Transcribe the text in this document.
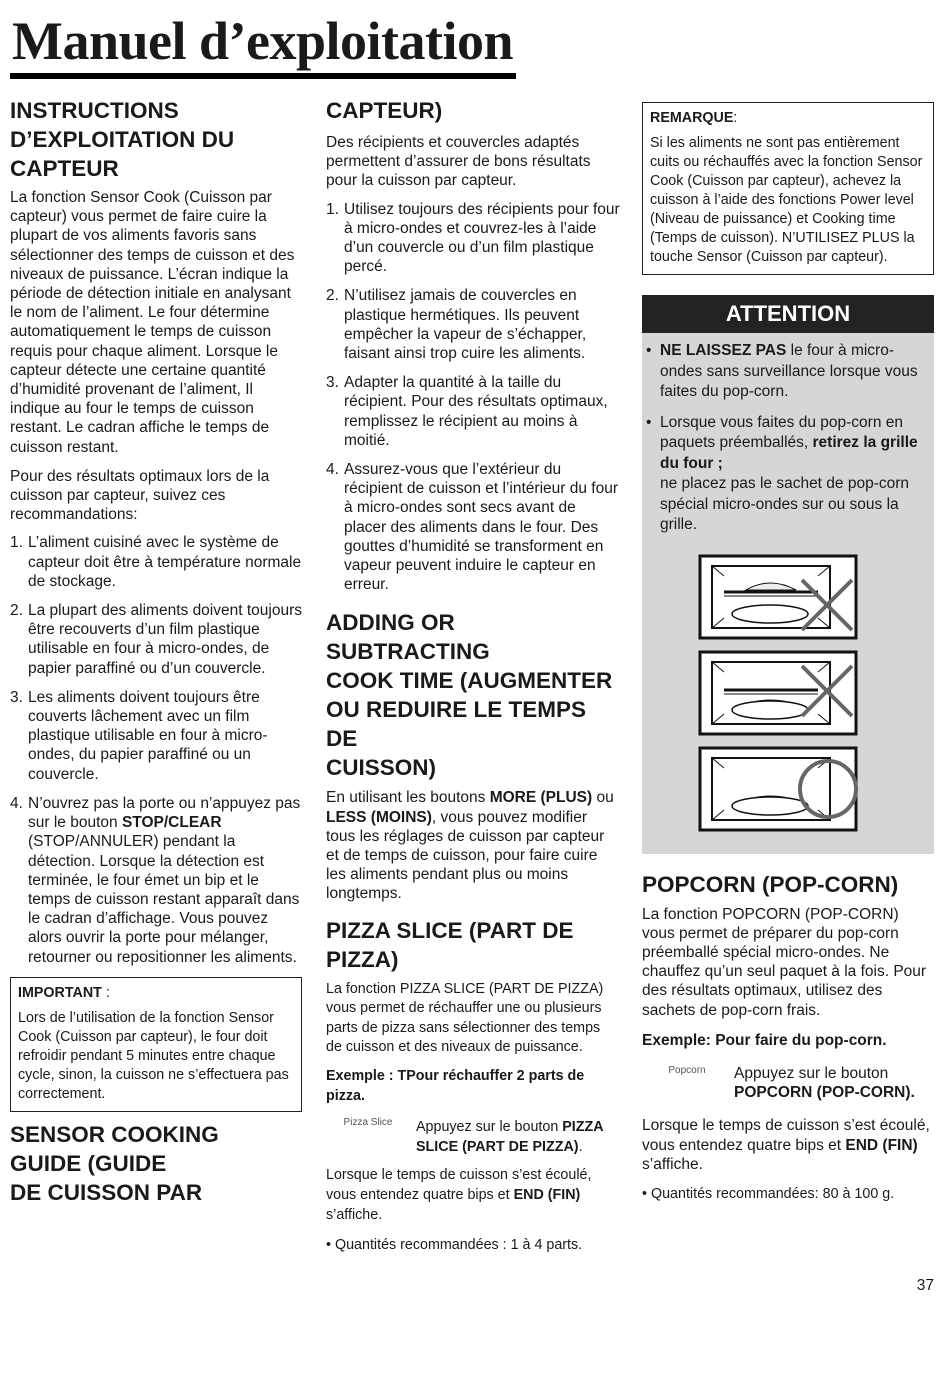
Manuel d’exploitation
INSTRUCTIONS
D’EXPLOITATION DU
CAPTEUR

La fonction Sensor Cook (Cuisson par capteur) vous permet de faire cuire la plupart de vos aliments favoris sans sélectionner des temps de cuisson et des niveaux de puissance. L’écran indique la période de détection initiale en analysant le nom de l’aliment. Le four détermine automatiquement le temps de cuisson requis pour chaque aliment. Lorsque le capteur détecte une certaine quantité d’humidité provenant de l’aliment, Il indique au four le temps de cuisson restant. Le cadran affiche le temps de cuisson restant.

Pour des résultats optimaux lors de la cuisson par capteur, suivez ces recommandations:

1. L’aliment cuisiné avec le système de capteur doit être à température normale de stockage.
2. La plupart des aliments doivent toujours être recouverts d’un film plastique utilisable en four à micro-ondes, de papier paraffiné ou d’un couvercle.
3. Les aliments doivent toujours être couverts lâchement avec un film plastique utilisable en four à micro-ondes, du papier paraffiné ou un couvercle.
4. N’ouvrez pas la porte ou n’appuyez pas sur le bouton STOP/CLEAR (STOP/ANNULER) pendant la détection. Lorsque la détection est terminée, le four émet un bip et le temps de cuisson restant apparaît dans le cadran d’affichage. Vous pouvez alors ouvrir la porte pour mélanger, retourner ou repositionner les aliments.
IMPORTANT :

Lors de l’utilisation de la fonction Sensor Cook (Cuisson par capteur), le four doit refroidir pendant 5 minutes entre chaque cycle, sinon, la cuisson ne s’effectuera pas correctement.

SENSOR COOKING
GUIDE (GUIDE
DE CUISSON PAR
CAPTEUR)

Des récipients et couvercles adaptés permettent d’assurer de bons résultats pour la cuisson par capteur.

1. Utilisez toujours des récipients pour four à micro-ondes et couvrez-les à l’aide d’un couvercle ou d’un film plastique percé.
2. N’utilisez jamais de couvercles en plastique hermétiques. Ils peuvent empêcher la vapeur de s’échapper, faisant ainsi trop cuire les aliments.
3. Adapter la quantité à la taille du récipient. Pour des résultats optimaux, remplissez le récipient au moins à moitié.
4. Assurez-vous que l’extérieur du récipient de cuisson et l’intérieur du four à micro-ondes sont secs avant de placer des aliments dans le four. Des gouttes d’humidité se transforment en vapeur peuvent induire le capteur en erreur.
ADDING OR SUBTRACTING
COOK TIME (AUGMENTER
OU REDUIRE LE TEMPS DE
CUISSON)

En utilisant les boutons MORE (PLUS) ou LESS (MOINS), vous pouvez modifier tous les réglages de cuisson par capteur et de temps de cuisson, pour faire cuire les aliments pendant plus ou moins longtemps.

PIZZA SLICE (PART DE
PIZZA)

La fonction PIZZA SLICE (PART DE PIZZA) vous permet de réchauffer une ou plusieurs parts de pizza sans sélectionner des temps de cuisson et des niveaux de puissance.

Exemple : TPour réchauffer 2 parts de pizza.

Pizza Slice	Appuyez sur le bouton PIZZA SLICE (PART DE PIZZA).

Lorsque le temps de cuisson s’est écoulé, vous entendez quatre bips et END (FIN) s’affiche.

• Quantités recommandées : 1 à 4 parts.

REMARQUE:

Si les aliments ne sont pas entièrement cuits ou réchauffés avec la fonction Sensor Cook (Cuisson par capteur), achevez la cuisson à l’aide des fonctions Power level (Niveau de puissance) et Cooking time (Temps de cuisson). N’UTILISEZ PLUS la touche Sensor (Cuisson par capteur).

ATTENTION
• NE LAISSEZ PAS le four à micro-ondes sans surveillance lorsque vous faites du pop-corn.
• Lorsque vous faites du pop-corn en paquets préemballés, retirez la grille du four ;
ne placez pas le sachet de pop-corn spécial micro-ondes sur ou sous la grille.
POPCORN (POP-CORN)

La fonction POPCORN (POP-CORN) vous permet de préparer du pop-corn préemballé spécial micro-ondes. Ne chauffez qu’un seul paquet à la fois. Pour des résultats optimaux, utilisez des sachets de pop-corn frais.

Exemple: Pour faire du pop-corn.

Popcorn	Appuyez sur le bouton POPCORN (POP-CORN).

Lorsque le temps de cuisson s’est écoulé, vous entendez quatre bips et END (FIN) s’affiche.

• Quantités recommandées: 80 à 100 g.

37
